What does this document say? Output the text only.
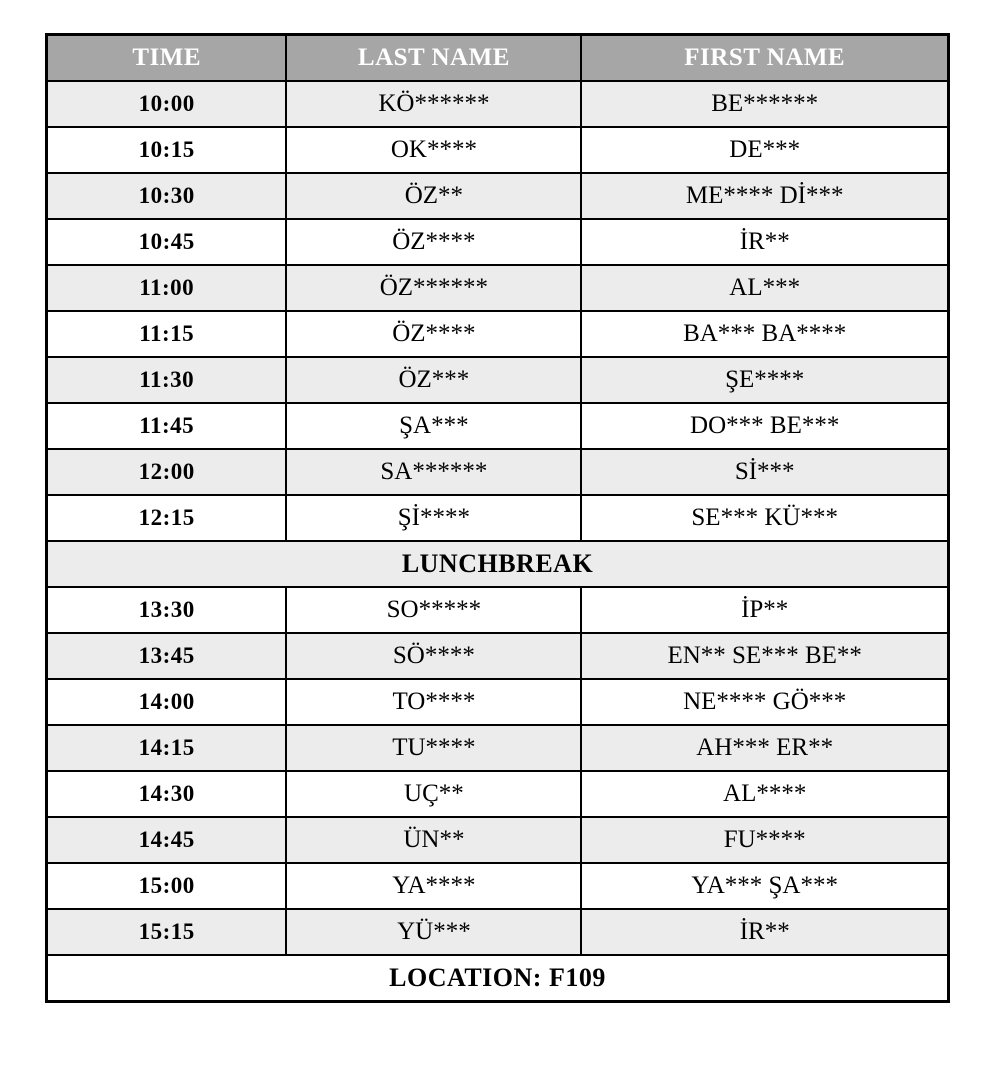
TIME	LAST NAME	FIRST NAME
10:00	KÖ******	BE******
10:15	OK****	DE***
10:30	ÖZ**	ME**** Dİ***
10:45	ÖZ****	İR**
11:00	ÖZ******	AL***
11:15	ÖZ****	BA*** BA****
11:30	ÖZ***	ŞE****
11:45	ŞA***	DO*** BE***
12:00	SA******	Sİ***
12:15	Şİ****	SE*** KÜ***
LUNCHBREAK		
13:30	SO*****	İP**
13:45	SÖ****	EN** SE*** BE**
14:00	TO****	NE**** GÖ***
14:15	TU****	AH*** ER**
14:30	UÇ**	AL****
14:45	ÜN**	FU****
15:00	YA****	YA*** ŞA***
15:15	YÜ***	İR**
LOCATION: F109		
